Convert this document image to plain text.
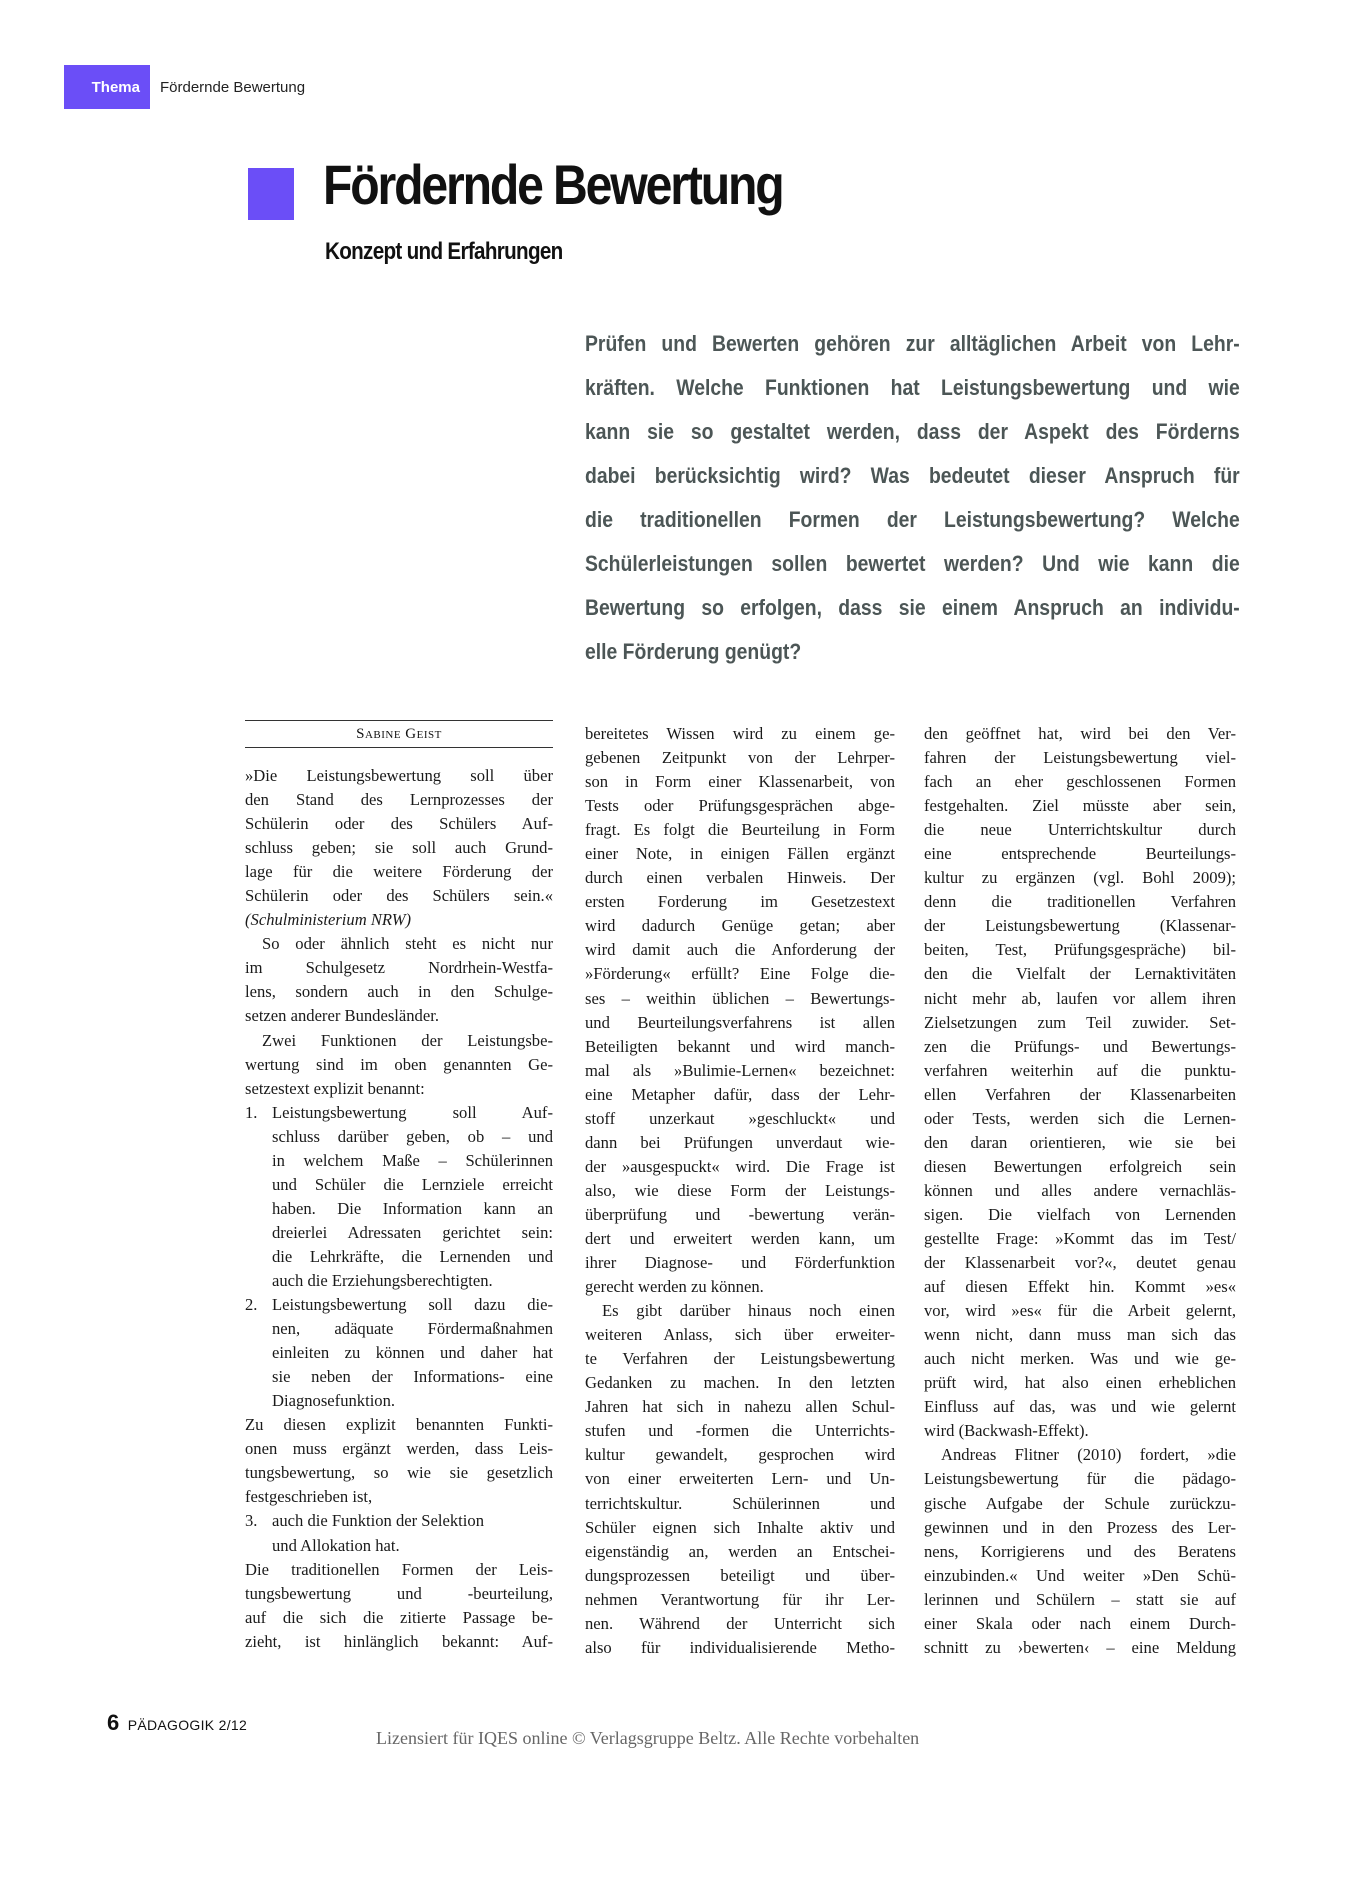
Thema	Fördernde Bewertung
Fördernde Bewertung
Konzept und Erfahrungen
Prüfen und Bewerten gehören zur alltäglichen Arbeit von Lehr-
kräften. Welche Funktionen hat Leistungsbewertung und wie
kann sie so gestaltet werden, dass der Aspekt des Förderns
dabei berücksichtig wird? Was bedeutet dieser Anspruch für
die traditionellen Formen der Leistungsbewertung? Welche
Schülerleistungen sollen bewertet werden? Und wie kann die
Bewertung so erfolgen, dass sie einem Anspruch an individu-
elle Förderung genügt?
Sabine Geist
»Die Leistungsbewertung soll über
den Stand des Lernprozesses der
Schülerin oder des Schülers Auf-
schluss geben; sie soll auch Grund-
lage für die weitere Förderung der
Schülerin oder des Schülers sein.«
(Schulministerium NRW)
So oder ähnlich steht es nicht nur
im Schulgesetz Nordrhein-Westfa-
lens, sondern auch in den Schulge-
setzen anderer Bundesländer.
Zwei Funktionen der Leistungsbe-
wertung sind im oben genannten Ge-
setzestext explizit benannt:
1. Leistungsbewertung soll Auf-
schluss darüber geben, ob – und
in welchem Maße – Schülerinnen
und Schüler die Lernziele erreicht
haben. Die Information kann an
dreierlei Adressaten gerichtet sein:
die Lehrkräfte, die Lernenden und
auch die Erziehungsberechtigten.
2. Leistungsbewertung soll dazu die-
nen, adäquate Fördermaßnahmen
einleiten zu können und daher hat
sie neben der Informations- eine
Diagnosefunktion.
Zu diesen explizit benannten Funkti-
onen muss ergänzt werden, dass Leis-
tungsbewertung, so wie sie gesetzlich
festgeschrieben ist,
3. auch die Funktion der Selektion
und Allokation hat.
Die traditionellen Formen der Leis-
tungsbewertung und -beurteilung,
auf die sich die zitierte Passage be-
zieht, ist hinlänglich bekannt: Auf-
bereitetes Wissen wird zu einem ge-
gebenen Zeitpunkt von der Lehrper-
son in Form einer Klassenarbeit, von
Tests oder Prüfungsgesprächen abge-
fragt. Es folgt die Beurteilung in Form
einer Note, in einigen Fällen ergänzt
durch einen verbalen Hinweis. Der
ersten Forderung im Gesetzestext
wird dadurch Genüge getan; aber
wird damit auch die Anforderung der
»Förderung« erfüllt? Eine Folge die-
ses – weithin üblichen – Bewertungs-
und Beurteilungsverfahrens ist allen
Beteiligten bekannt und wird manch-
mal als »Bulimie-Lernen« bezeichnet:
eine Metapher dafür, dass der Lehr-
stoff unzerkaut »geschluckt« und
dann bei Prüfungen unverdaut wie-
der »ausgespuckt« wird. Die Frage ist
also, wie diese Form der Leistungs-
überprüfung und -bewertung verän-
dert und erweitert werden kann, um
ihrer Diagnose- und Förderfunktion
gerecht werden zu können.
Es gibt darüber hinaus noch einen
weiteren Anlass, sich über erweiter-
te Verfahren der Leistungsbewertung
Gedanken zu machen. In den letzten
Jahren hat sich in nahezu allen Schul-
stufen und -formen die Unterrichts-
kultur gewandelt, gesprochen wird
von einer erweiterten Lern- und Un-
terrichtskultur. Schülerinnen und
Schüler eignen sich Inhalte aktiv und
eigenständig an, werden an Entschei-
dungsprozessen beteiligt und über-
nehmen Verantwortung für ihr Ler-
nen. Während der Unterricht sich
also für individualisierende Metho-
den geöffnet hat, wird bei den Ver-
fahren der Leistungsbewertung viel-
fach an eher geschlossenen Formen
festgehalten. Ziel müsste aber sein,
die neue Unterrichtskultur durch
eine entsprechende Beurteilungs-
kultur zu ergänzen (vgl. Bohl 2009);
denn die traditionellen Verfahren
der Leistungsbewertung (Klassenar-
beiten, Test, Prüfungsgespräche) bil-
den die Vielfalt der Lernaktivitäten
nicht mehr ab, laufen vor allem ihren
Zielsetzungen zum Teil zuwider. Set-
zen die Prüfungs- und Bewertungs-
verfahren weiterhin auf die punktu-
ellen Verfahren der Klassenarbeiten
oder Tests, werden sich die Lernen-
den daran orientieren, wie sie bei
diesen Bewertungen erfolgreich sein
können und alles andere vernachläs-
sigen. Die vielfach von Lernenden
gestellte Frage: »Kommt das im Test/
der Klassenarbeit vor?«, deutet genau
auf diesen Effekt hin. Kommt »es«
vor, wird »es« für die Arbeit gelernt,
wenn nicht, dann muss man sich das
auch nicht merken. Was und wie ge-
prüft wird, hat also einen erheblichen
Einfluss auf das, was und wie gelernt
wird (Backwash-Effekt).
Andreas Flitner (2010) fordert, »die
Leistungsbewertung für die pädago-
gische Aufgabe der Schule zurückzu-
gewinnen und in den Prozess des Ler-
nens, Korrigierens und des Beratens
einzubinden.« Und weiter »Den Schü-
lerinnen und Schülern – statt sie auf
einer Skala oder nach einem Durch-
schnitt zu ›bewerten‹ – eine Meldung
6 PÄDAGOGIK 2/12
Lizensiert für IQES online © Verlagsgruppe Beltz. Alle Rechte vorbehalten
